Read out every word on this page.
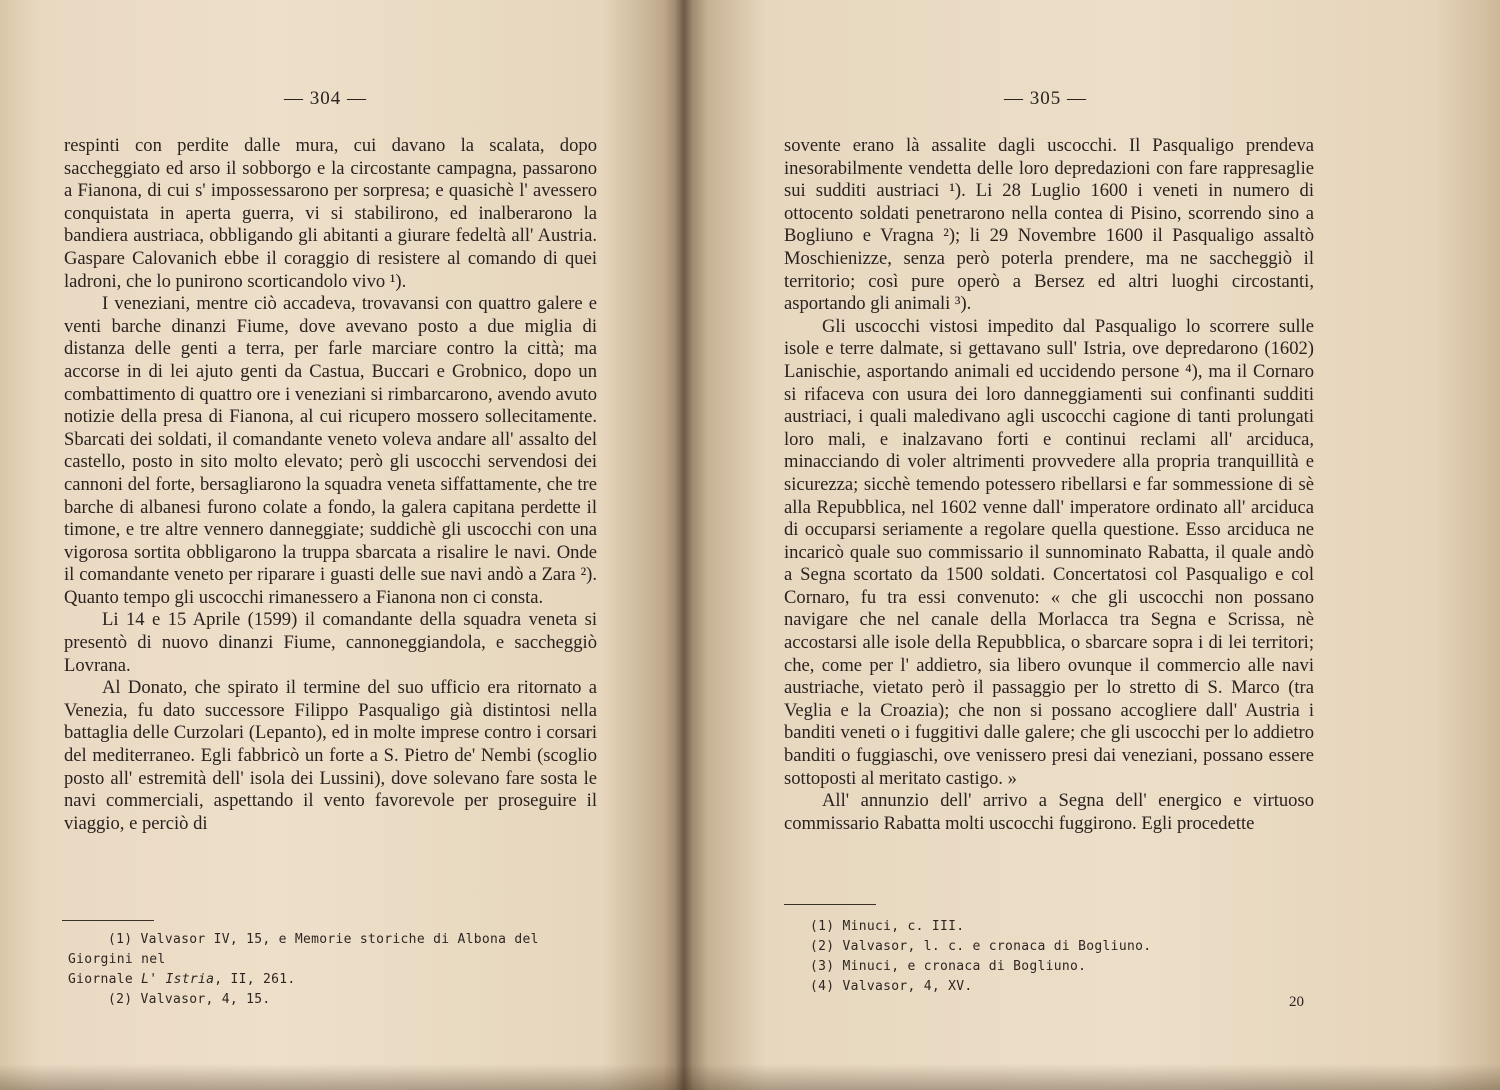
— 304 —

respinti con perdite dalle mura, cui davano la scalata, dopo saccheggiato ed arso il sobborgo e la circostante campagna, passarono a Fianona, di cui s' impossessarono per sorpresa; e quasichè l' avessero conquistata in aperta guerra, vi si stabilirono, ed inalberarono la bandiera austriaca, obbligando gli abitanti a giurare fedeltà all' Austria. Gaspare Calovanich ebbe il coraggio di resistere al comando di quei ladroni, che lo punirono scorticandolo vivo ¹).

I veneziani, mentre ciò accadeva, trovavansi con quattro galere e venti barche dinanzi Fiume, dove avevano posto a due miglia di distanza delle genti a terra, per farle marciare contro la città; ma accorse in di lei ajuto genti da Castua, Buccari e Grobnico, dopo un combattimento di quattro ore i veneziani si rimbarcarono, avendo avuto notizie della presa di Fianona, al cui ricupero mossero sollecitamente. Sbarcati dei soldati, il comandante veneto voleva andare all' assalto del castello, posto in sito molto elevato; però gli uscocchi servendosi dei cannoni del forte, bersagliarono la squadra veneta siffattamente, che tre barche di albanesi furono colate a fondo, la galera capitana perdette il timone, e tre altre vennero danneggiate; suddichè gli uscocchi con una vigorosa sortita obbligarono la truppa sbarcata a risalire le navi. Onde il comandante veneto per riparare i guasti delle sue navi andò a Zara ²). Quanto tempo gli uscocchi rimanessero a Fianona non ci consta.

Li 14 e 15 Aprile (1599) il comandante della squadra veneta si presentò di nuovo dinanzi Fiume, cannoneggiandola, e saccheggiò Lovrana.

Al Donato, che spirato il termine del suo ufficio era ritornato a Venezia, fu dato successore Filippo Pasqualigo già distintosi nella battaglia delle Curzolari (Lepanto), ed in molte imprese contro i corsari del mediterraneo. Egli fabbricò un forte a S. Pietro de' Nembi (scoglio posto all' estremità dell' isola dei Lussini), dove solevano fare sosta le navi commerciali, aspettando il vento favorevole per proseguire il viaggio, e perciò di

(1) Valvasor IV, 15, e Memorie storiche di Albona del Giorgini nel
Giornale L' Istria, II, 261.
(2) Valvasor, 4, 15.
— 305 —

sovente erano là assalite dagli uscocchi. Il Pasqualigo prendeva inesorabilmente vendetta delle loro depredazioni con fare rappresaglie sui sudditi austriaci ¹). Li 28 Luglio 1600 i veneti in numero di ottocento soldati penetrarono nella contea di Pisino, scorrendo sino a Bogliuno e Vragna ²); li 29 Novembre 1600 il Pasqualigo assaltò Moschienizze, senza però poterla prendere, ma ne saccheggiò il territorio; così pure operò a Bersez ed altri luoghi circostanti, asportando gli animali ³).

Gli uscocchi vistosi impedito dal Pasqualigo lo scorrere sulle isole e terre dalmate, si gettavano sull' Istria, ove depredarono (1602) Lanischie, asportando animali ed uccidendo persone ⁴), ma il Cornaro si rifaceva con usura dei loro danneggiamenti sui confinanti sudditi austriaci, i quali maledivano agli uscocchi cagione di tanti prolungati loro mali, e inalzavano forti e continui reclami all' arciduca, minacciando di voler altrimenti provvedere alla propria tranquillità e sicurezza; sicchè temendo potessero ribellarsi e far sommessione di sè alla Repubblica, nel 1602 venne dall' imperatore ordinato all' arciduca di occuparsi seriamente a regolare quella questione. Esso arciduca ne incaricò quale suo commissario il sunnominato Rabatta, il quale andò a Segna scortato da 1500 soldati. Concertatosi col Pasqualigo e col Cornaro, fu tra essi convenuto: « che gli uscocchi non possano navigare che nel canale della Morlacca tra Segna e Scrissa, nè accostarsi alle isole della Repubblica, o sbarcare sopra i di lei territori; che, come per l' addietro, sia libero ovunque il commercio alle navi austriache, vietato però il passaggio per lo stretto di S. Marco (tra Veglia e la Croazia); che non si possano accogliere dall' Austria i banditi veneti o i fuggitivi dalle galere; che gli uscocchi per lo addietro banditi o fuggiaschi, ove venissero presi dai veneziani, possano essere sottoposti al meritato castigo. »

All' annunzio dell' arrivo a Segna dell' energico e virtuoso commissario Rabatta molti uscocchi fuggirono. Egli procedette

(1) Minuci, c. III.
(2) Valvasor, l. c. e cronaca di Bogliuno.
(3) Minuci, e cronaca di Bogliuno.
(4) Valvasor, 4, XV.
20
